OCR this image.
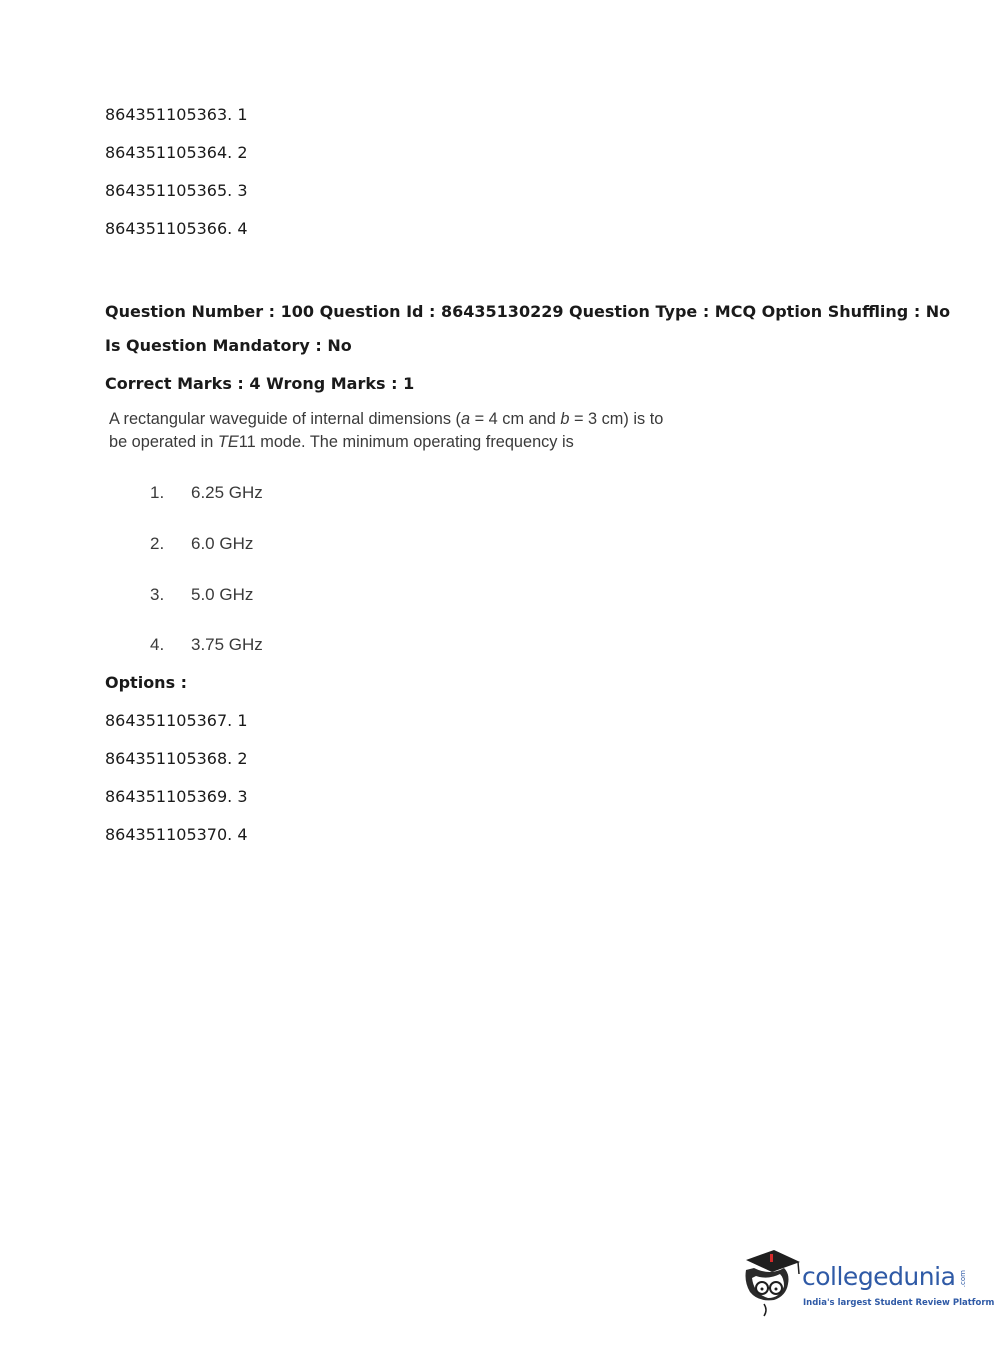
864351105363. 1
864351105364. 2
864351105365. 3
864351105366. 4
Question Number : 100 Question Id : 86435130229 Question Type : MCQ Option Shuffling : No
Is Question Mandatory : No
Correct Marks : 4 Wrong Marks : 1
A rectangular waveguide of internal dimensions (a = 4 cm and b = 3 cm) is to
be operated in TE11 mode. The minimum operating frequency is
1. 6.25 GHz
2. 6.0 GHz
3. 5.0 GHz
4. 3.75 GHz
Options :
864351105367. 1
864351105368. 2
864351105369. 3
864351105370. 4
collegedunia .com
India's largest Student Review Platform
